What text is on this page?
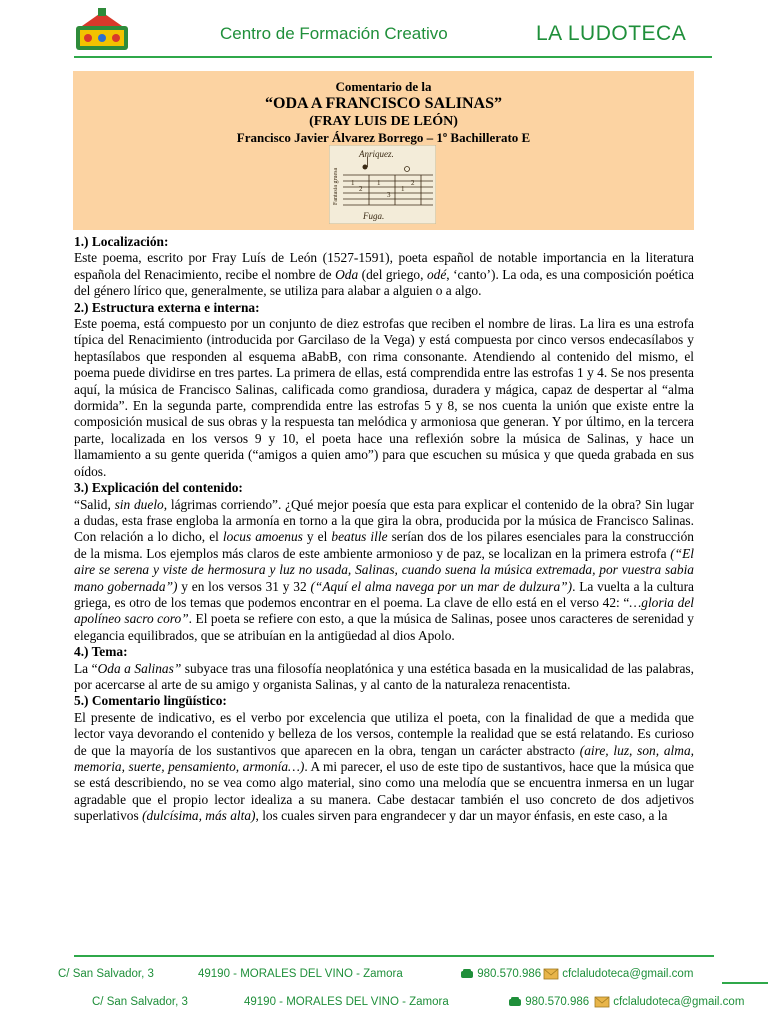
Centro de Formación Creativo	LA LUDOTECA
Comentario de la
“ODA A FRANCISCO SALINAS”
(FRAY LUIS DE LEÓN)
Francisco Javier Álvarez Borrego – 1º Bachillerato E
Anriquez.
1
2
1
3
1
2
Fantasia gruesa
Fuga.
1.) Localización:

Este poema, escrito por Fray Luís de León (1527-1591), poeta español de notable importancia en la literatura española del Renacimiento, recibe el nombre de Oda (del griego, odé, ‘canto’). La oda, es una composición poética del género lírico que, generalmente, se utiliza para alabar a alguien o a algo.

2.) Estructura externa e interna:

Este poema, está compuesto por un conjunto de diez estrofas que reciben el nombre de liras. La lira es una estrofa típica del Renacimiento (introducida por Garcilaso de la Vega) y está compuesta por cinco versos endecasílabos y heptasílabos que responden al esquema aBabB, con rima consonante. Atendiendo al contenido del mismo, el poema puede dividirse en tres partes. La primera de ellas, está comprendida entre las estrofas 1 y 4. Se nos presenta aquí, la música de Francisco Salinas, calificada como grandiosa, duradera y mágica, capaz de despertar al “alma dormida”. En la segunda parte, comprendida entre las estrofas 5 y 8, se nos cuenta la unión que existe entre la composición musical de sus obras y la respuesta tan melódica y armoniosa que generan. Y por último, en la tercera parte, localizada en los versos 9 y 10, el poeta hace una reflexión sobre la música de Salinas, y hace un llamamiento a su gente querida (“amigos a quien amo”) para que escuchen su música y que queda grabada en sus oídos.

3.) Explicación del contenido:

“Salid, sin duelo, lágrimas corriendo”. ¿Qué mejor poesía que esta para explicar el contenido de la obra? Sin lugar a dudas, esta frase engloba la armonía en torno a la que gira la obra, producida por la música de Francisco Salinas. Con relación a lo dicho, el locus amoenus y el beatus ille serían dos de los pilares esenciales para la construcción de la misma. Los ejemplos más claros de este ambiente armonioso y de paz, se localizan en la primera estrofa (“El aire se serena y viste de hermosura y luz no usada, Salinas, cuando suena la música extremada, por vuestra sabia mano gobernada”) y en los versos 31 y 32 (“Aquí el alma navega por un mar de dulzura”). La vuelta a la cultura griega, es otro de los temas que podemos encontrar en el poema. La clave de ello está en el verso 42: “…gloria del apolíneo sacro coro”. El poeta se refiere con esto, a que la música de Salinas, posee unos caracteres de serenidad y elegancia equilibrados, que se atribuían en la antigüedad al dios Apolo.

4.) Tema:

La “Oda a Salinas” subyace tras una filosofía neoplatónica y una estética basada en la musicalidad de las palabras, por acercarse al arte de su amigo y organista Salinas, y al canto de la naturaleza renacentista.

5.) Comentario lingüístico:

El presente de indicativo, es el verbo por excelencia que utiliza el poeta, con la finalidad de que a medida que lector vaya devorando el contenido y belleza de los versos, contemple la realidad que se está relatando. Es curioso de que la mayoría de los sustantivos que aparecen en la obra, tengan un carácter abstracto (aire, luz, son, alma, memoria, suerte, pensamiento, armonía…). A mi parecer, el uso de este tipo de sustantivos, hace que la música que se está describiendo, no se vea como algo material, sino como una melodía que se encuentra inmersa en un lugar agradable que el propio lector idealiza a su manera. Cabe destacar también el uso concreto de dos adjetivos superlativos (dulcísima, más alta), los cuales sirven para engrandecer y dar un mayor énfasis, en este caso, a la

C/ San Salvador, 3	49190 - MORALES DEL VINO - Zamora	980.570.986	cfclaludoteca@gmail.com
C/ San Salvador, 3	49190 - MORALES DEL VINO - Zamora	980.570.986	cfclaludoteca@gmail.com
